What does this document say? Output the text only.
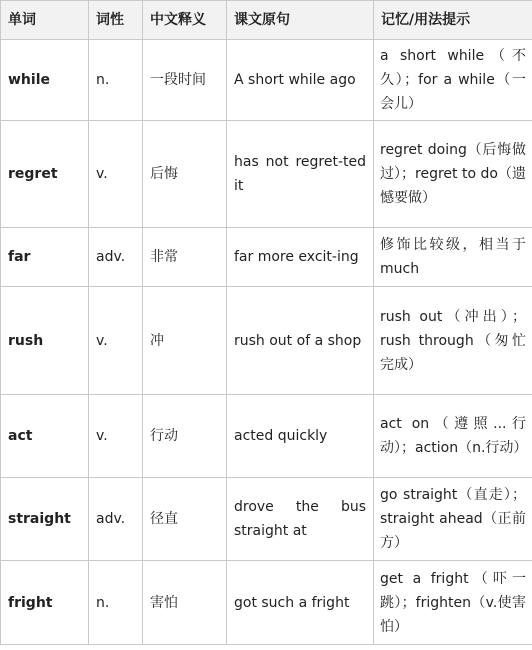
单词	词性	中文释义	课文原句	记忆/用法提示
while	n.	一段时间	A short while ago	a short while（不久）；for a while（一会儿）
regret	v.	后悔	has not regret-ted it	regret doing（后悔做过）；regret to do（遗憾要做）
far	adv.	非常	far more excit-ing	修饰比较级，相当于much
rush	v.	冲	rush out of a shop	rush out（冲出）；rush through（匆忙完成）
act	v.	行动	acted quickly	act on（遵照...行动）；action（n.行动）
straight	adv.	径直	drove the bus straight at	go straight（直走）；straight ahead（正前方）
fright	n.	害怕	got such a fright	get a fright（吓一跳）；frighten（v.使害怕）
